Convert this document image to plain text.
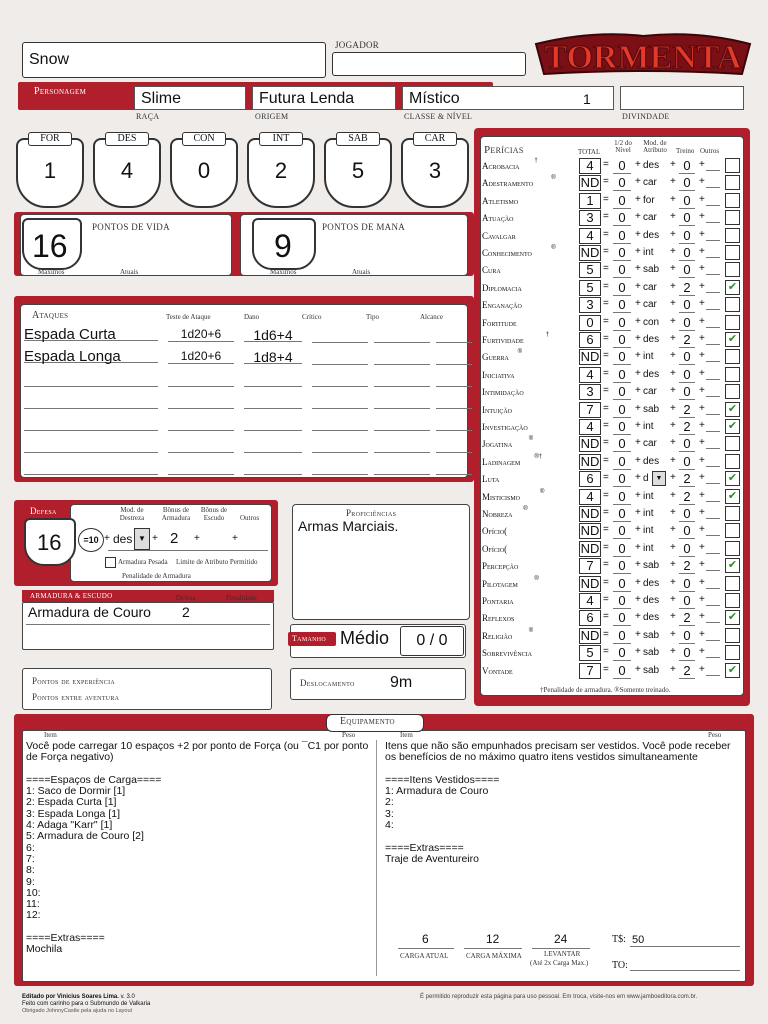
Snow
Personagem
JOGADOR	TORMENTA
Slime	Futura Lenda	Místico	1
RAÇA	ORIGEM	CLASSE & NÍVEL	DIVINDADE
1
FOR
4
DES
0
CON
2
INT
5
SAB
3
CAR
16
PONTOS DE VIDA
Máximos	Atuais
9
PONTOS DE MANA
Máximos	Atuais
Ataques	Teste de Ataque	Dano	Crítico	Tipo	Alcance
Espada Curta	1d20+6	1d6+4
Espada Longa	1d20+6	1d8+4
Defesa
16	=10
Mod. de Destreza
Bônus de Armadura
Bônus de Escudo	Outros
+ des ▼ + 2 +	+
Armadura Pesada Limite de Atributo Permitido
Penalidade de Armadura
Proficiências
Armas Marciais.
ARMADURA & ESCUDO	Defesa	Penalidade
Armadura de Couro 2
Tamanho Médio	0 / 0
Pontos de experiência
Pontos entre aventura
Deslocamento 9m
Perícias	TOTAL
1/2 do Nível
Mod. de Atributo	Treino Outros
Acrobacia †	4 = 0 + des + 0 +
Adestramento	® ND = 0 + car + 0 +
Atletismo	1 = 0 + for + 0 +
Atuação	3 = 0 + car + 0 +
Cavalgar	4 = 0 + des + 0 +
Conhecimento	® ND = 0 + int + 0 +
Cura	5 = 0 + sab + 0 +
Diplomacia	5 = 0 + car + 2 + ✔
Enganação	3 = 0 + car + 0 +
Fortitude	0 = 0 + con + 0 +
Furtividade	†	6 = 0 + des + 2 + ✔
Guerra ®	ND = 0 + int + 0 +
Iniciativa	4 = 0 + des + 0 +
Intimidação	3 = 0 + car + 0 +
Intuição	7 = 0 + sab + 2 + ✔
Investigação	4 = 0 + int + 2 + ✔
Jogatina	®	ND = 0 + car + 0 +
Ladinagem ®†	ND = 0 + des + 0 +
Luta	6 = 0 + d ▼ + 2 + ✔
Misticismo	®	4 = 0 + int + 2 + ✔
Nobreza ®	ND = 0 + int + 0 +
Ofício(	ND = 0 + int + 0 +
Ofício(	ND = 0 + int + 0 +
Percepção	7 = 0 + sab + 2 + ✔
Pilotagem	®	ND = 0 + des + 0 +
Pontaria	4 = 0 + des + 0 +
Reflexos	6 = 0 + des + 2 + ✔
Religião	®	ND = 0 + sab + 0 +
Sobrevivência	5 = 0 + sab + 0 +
Vontade	7 = 0 + sab + 2 + ✔
†Penalidade de armadura. ®Somente treinado.
Equipamento
Item	Peso	Item	Peso
Você pode carregar 10 espaços +2 por ponto de Força (ou ¯C1 por ponto
de Força negativo)

====Espaços de Carga====
1: Saco de Dormir [1]
2: Espada Curta [1]
3: Espada Longa [1]
4: Adaga "Karr" [1]
5: Armadura de Couro [2]
6:
7:
8:
9:
10:
11:
12:

====Extras====
Mochila
Itens que não são empunhados precisam ser vestidos. Você pode receber
os benefícios de no máximo quatro itens vestidos simultaneamente

====Itens Vestidos====
1: Armadura de Couro
2:
3:
4:

====Extras====
Traje de Aventureiro
6	12	24
CARGA ATUAL	CARGA MÁXIMA	LEVANTAR
(Até 2x Carga Max.)
T$: 50
TO:
Editado por Vinicius Soares Lima. v. 3.0
Feito com carinho para o Submundo de Valkaria
Obrigado JohnnyCastle pela ajuda no Layout
É permitido reproduzir esta página para uso pessoal. Em troca, visite-nos em www.jamboeditora.com.br.
